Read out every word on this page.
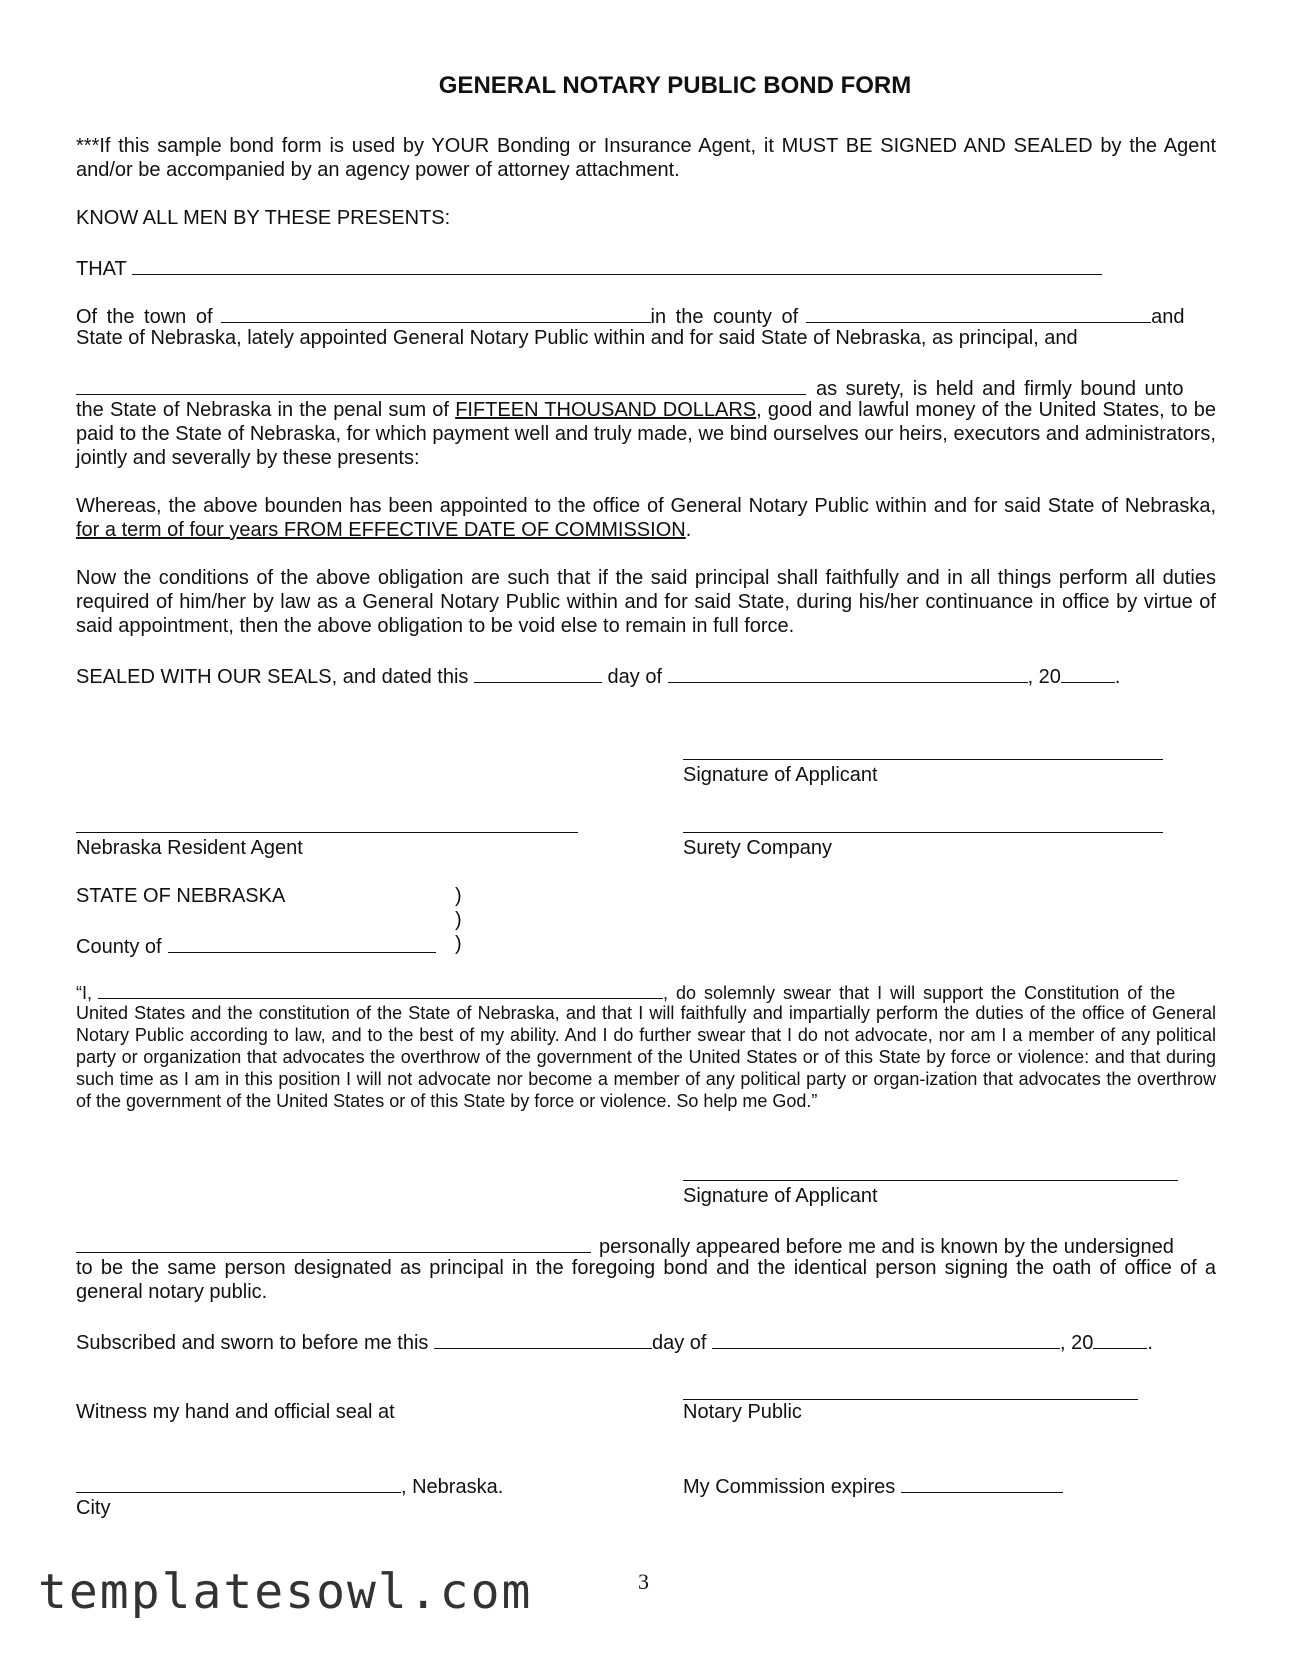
GENERAL NOTARY PUBLIC BOND FORM
***If this sample bond form is used by YOUR Bonding or Insurance Agent, it MUST BE SIGNED AND SEALED by the Agent and/or be accompanied by an agency power of attorney attachment.
KNOW ALL MEN BY THESE PRESENTS:
THAT
Of the town of	in the county of	and
State of Nebraska, lately appointed General Notary Public within and for said State of Nebraska, as principal, and
as surety, is held and firmly bound unto
the State of Nebraska in the penal sum of FIFTEEN THOUSAND DOLLARS, good and lawful money of the United States, to be paid to the State of Nebraska, for which payment well and truly made, we bind ourselves our heirs, executors and administrators, jointly and severally by these presents:
Whereas, the above bounden has been appointed to the office of General Notary Public within and for said State of Nebraska, for a term of four years FROM EFFECTIVE DATE OF COMMISSION.
Now the conditions of the above obligation are such that if the said principal shall faithfully and in all things perform all duties required of him/her by law as a General Notary Public within and for said State, during his/her continuance in office by virtue of said appointment, then the above obligation to be void else to remain in full force.
SEALED WITH OUR SEALS, and dated this	day of	, 20	.
Signature of Applicant
Nebraska Resident Agent	Surety Company
STATE OF NEBRASKA	)
)
County of	)
“I,	, do solemnly swear that I will support the Constitution of the
United States and the constitution of the State of Nebraska, and that I will faithfully and impartially perform the duties of the office of General Notary Public according to law, and to the best of my ability. And I do further swear that I do not advocate, nor am I a member of any political party or organization that advocates the overthrow of the government of the United States or of this State by force or violence: and that during such time as I am in this position I will not advocate nor become a member of any political party or organ-ization that advocates the overthrow of the government of the United States or of this State by force or violence. So help me God.”
Signature of Applicant
personally appeared before me and is known by the undersigned
to be the same person designated as principal in the foregoing bond and the identical person signing the oath of office of a general notary public.
Subscribed and sworn to before me this	day of	, 20	.
Witness my hand and official seal at	Notary Public
, Nebraska.	My Commission expires
City
3
templatesowl.com
